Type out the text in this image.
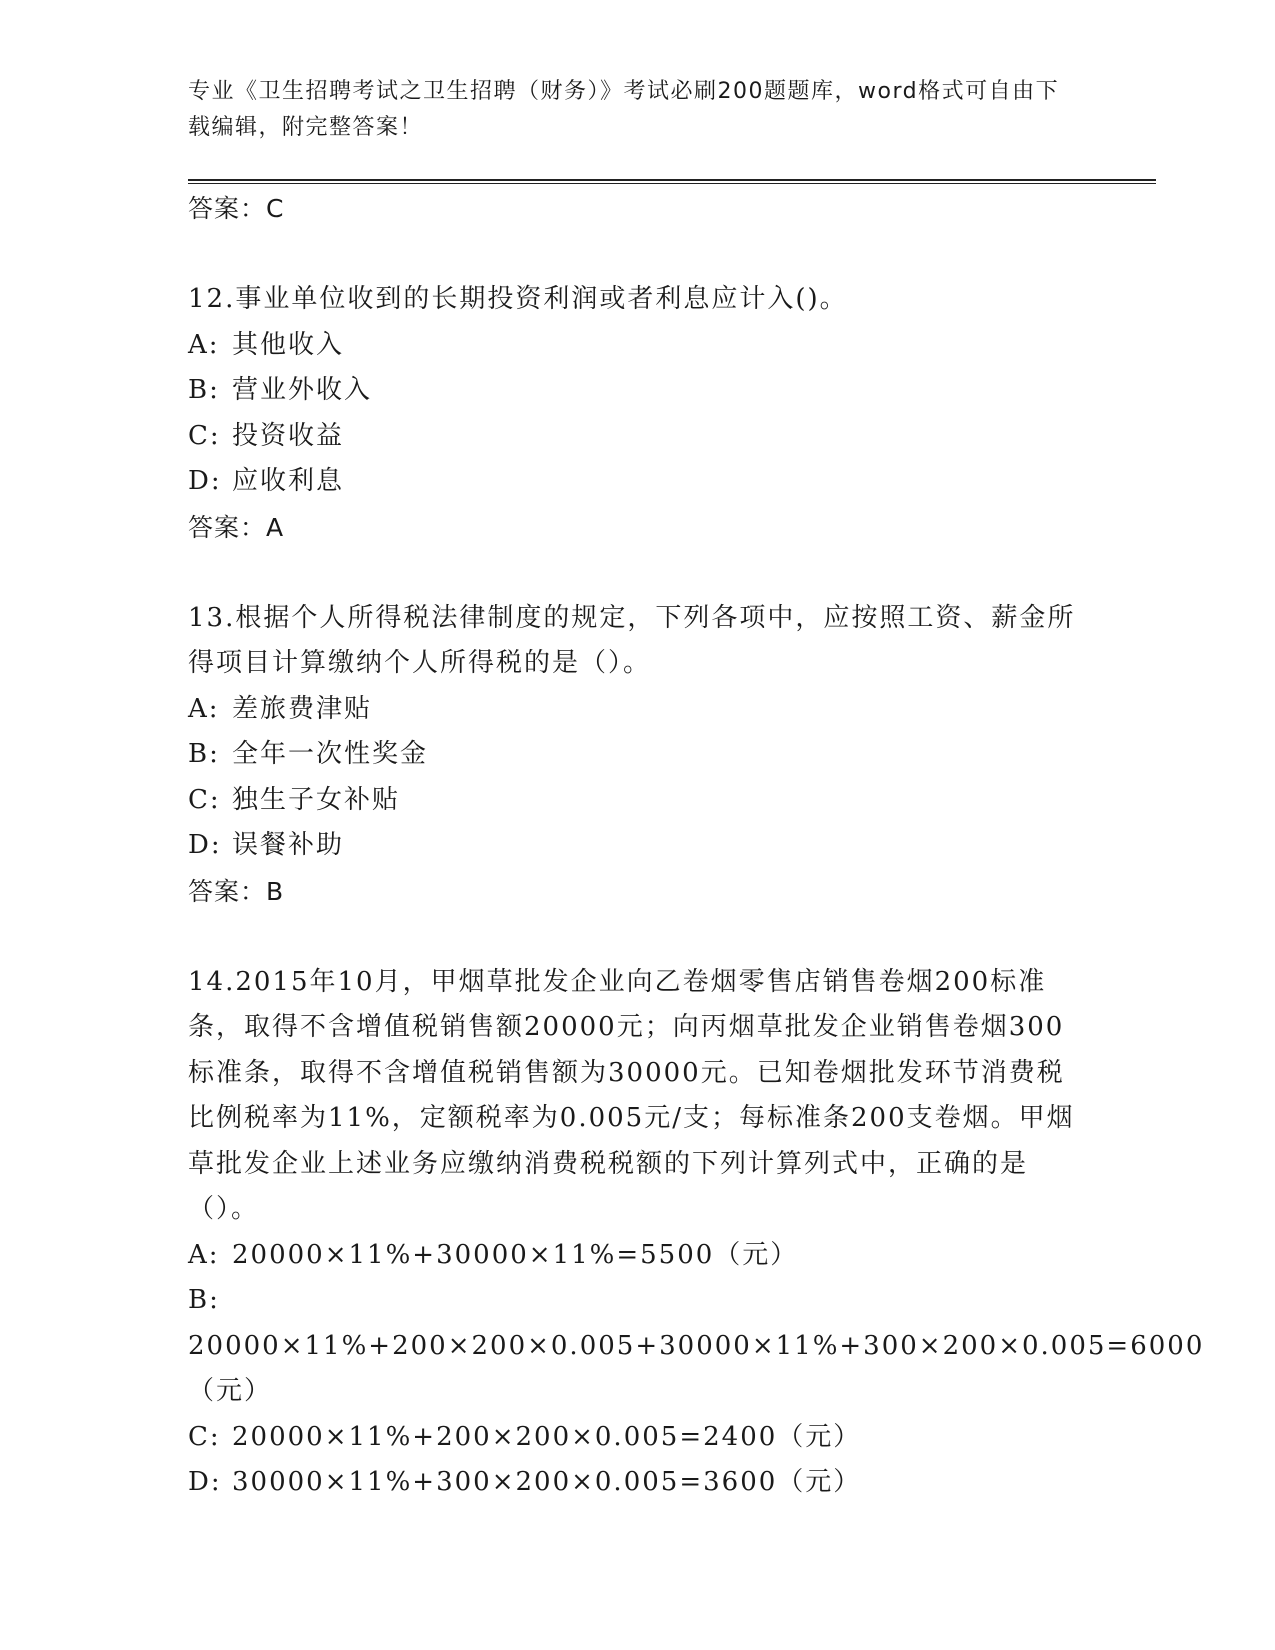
专业《卫生招聘考试之卫生招聘（财务）》考试必刷200题题库，word格式可自由下载编辑，附完整答案！
答案：C
12.事业单位收到的长期投资利润或者利息应计入()。
A: 其他收入
B: 营业外收入
C: 投资收益
D: 应收利息
答案：A
13.根据个人所得税法律制度的规定，下列各项中，应按照工资、薪金所得项目计算缴纳个人所得税的是（）。
A: 差旅费津贴
B: 全年一次性奖金
C: 独生子女补贴
D: 误餐补助
答案：B
14.2015年10月，甲烟草批发企业向乙卷烟零售店销售卷烟200标准条，取得不含增值税销售额20000元；向丙烟草批发企业销售卷烟300标准条，取得不含增值税销售额为30000元。已知卷烟批发环节消费税比例税率为11%，定额税率为0.005元/支；每标准条200支卷烟。甲烟草批发企业上述业务应缴纳消费税税额的下列计算列式中，正确的是（）。
A: 20000×11%+30000×11%=5500（元）
B:20000×11%+200×200×0.005+30000×11%+300×200×0.005=6000（元）
C: 20000×11%+200×200×0.005=2400（元）
D: 30000×11%+300×200×0.005=3600（元）
